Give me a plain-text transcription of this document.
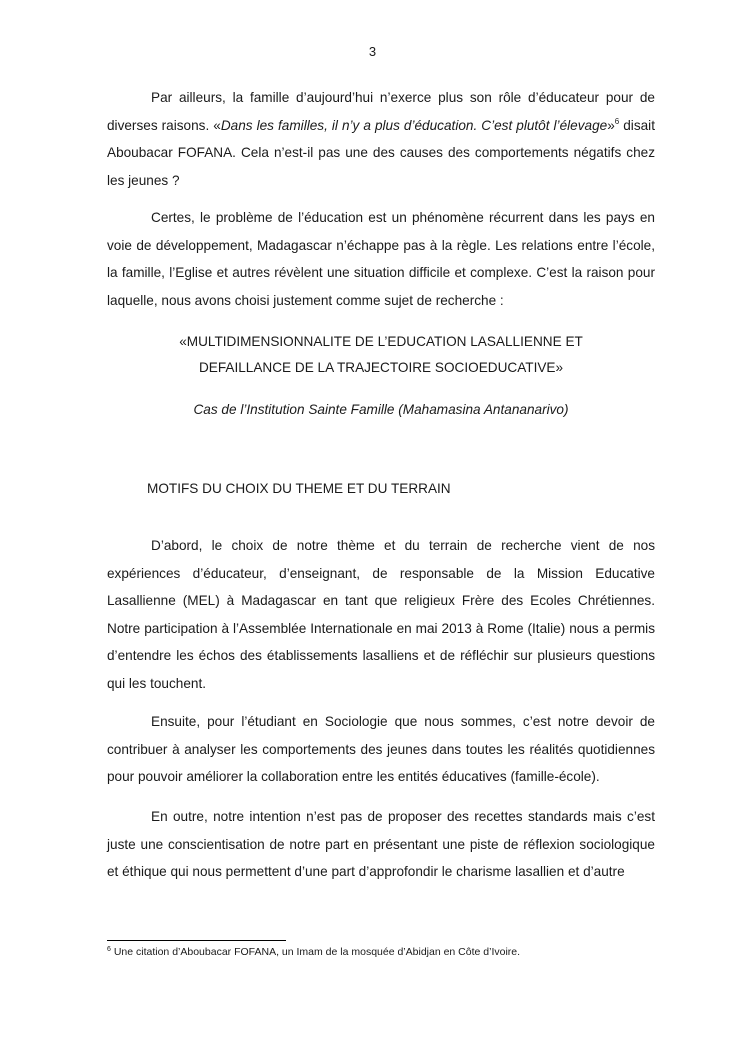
3

Par ailleurs, la famille d’aujourd’hui n’exerce plus son rôle d’éducateur pour de diverses raisons. «Dans les familles, il n’y a plus d’éducation. C’est plutôt l’élevage»$^6$ disait Aboubacar FOFANA. Cela n’est-il pas une des causes des comportements négatifs chez les jeunes ?

Certes, le problème de l’éducation est un phénomène récurrent dans les pays en voie de développement, Madagascar n’échappe pas à la règle. Les relations entre l’école, la famille, l’Eglise et autres révèlent une situation difficile et complexe. C’est la raison pour laquelle, nous avons choisi justement comme sujet de recherche :

«MULTIDIMENSIONNALITE DE L’EDUCATION LASALLIENNE ET

DEFAILLANCE DE LA TRAJECTOIRE SOCIOEDUCATIVE»

Cas de l’Institution Sainte Famille (Mahamasina Antananarivo)

MOTIFS DU CHOIX DU THEME ET DU TERRAIN

D’abord, le choix de notre thème et du terrain de recherche vient de nos expériences d’éducateur, d’enseignant, de responsable de la Mission Educative Lasallienne (MEL) à Madagascar en tant que religieux Frère des Ecoles Chrétiennes. Notre participation à l’Assemblée Internationale en mai 2013 à Rome (Italie) nous a permis d’entendre les échos des établissements lasalliens et de réfléchir sur plusieurs questions qui les touchent.

Ensuite, pour l’étudiant en Sociologie que nous sommes, c’est notre devoir de contribuer à analyser les comportements des jeunes dans toutes les réalités quotidiennes pour pouvoir améliorer la collaboration entre les entités éducatives (famille-école).

En outre, notre intention n’est pas de proposer des recettes standards mais c’est juste une conscientisation de notre part en présentant une piste de réflexion sociologique et éthique qui nous permettent d’une part d’approfondir le charisme lasallien et d’autre

$^6$ Une citation d’Aboubacar FOFANA, un Imam de la mosquée d’Abidjan en Côte d’Ivoire.
